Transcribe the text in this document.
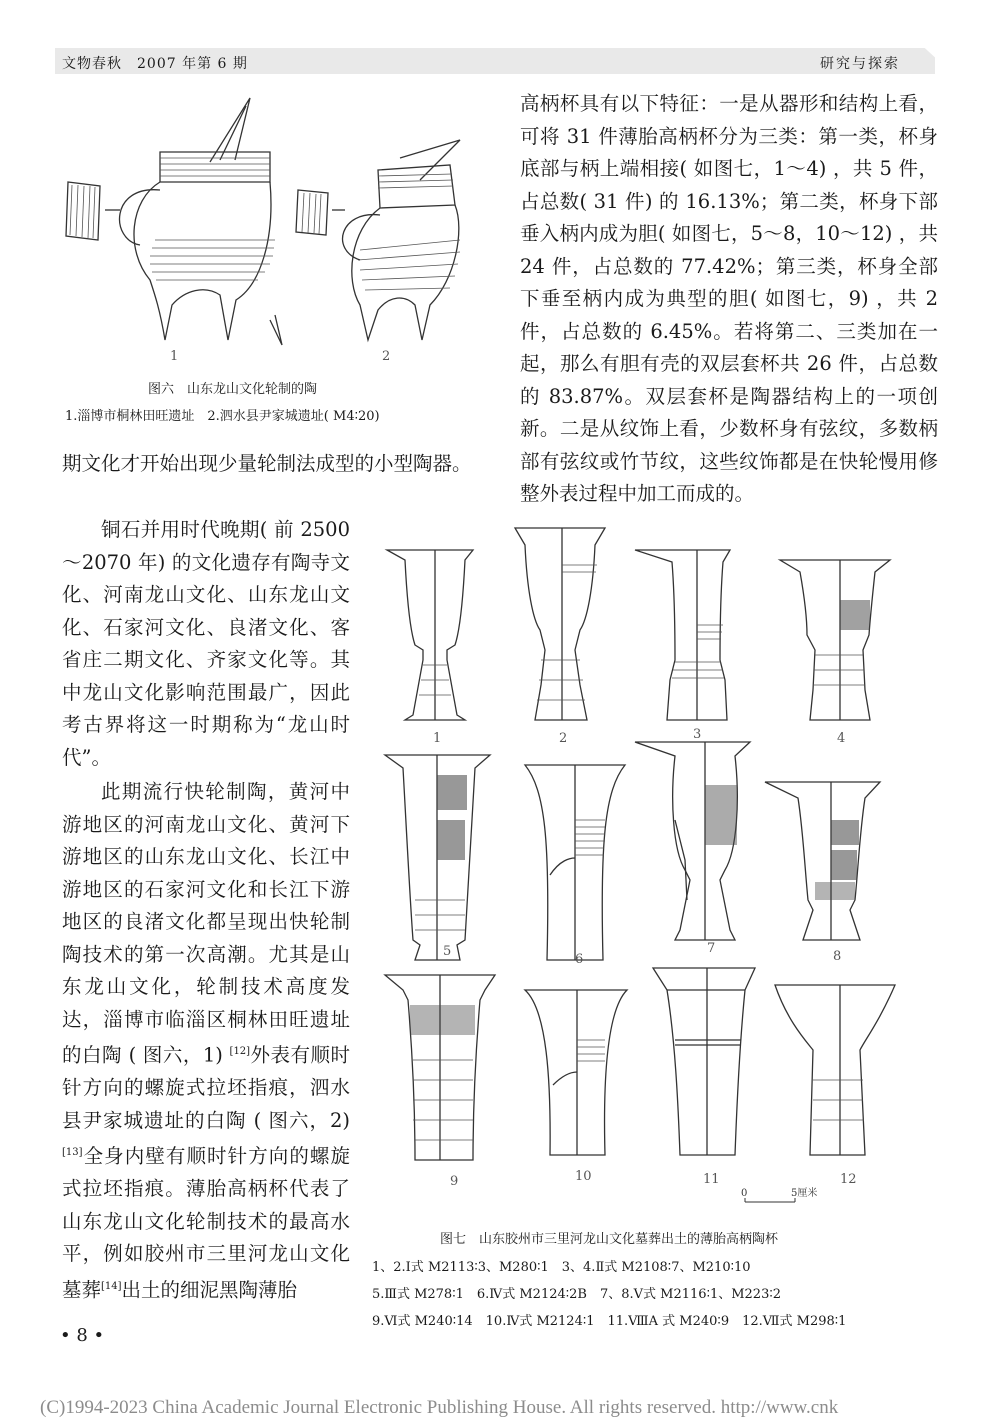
文物春秋　2007 年第 6 期	研究与探索
1	2
图六　山东龙山文化轮制的陶
1.淄博市桐林田旺遗址　2.泗水县尹家城遗址( M4∶20)

高柄杯具有以下特征：一是从器形和结构上看，可将 31 件薄胎高柄杯分为三类：第一类，杯身底部与柄上端相接( 如图七，1～4) ，共 5 件，占总数( 31 件) 的 16.13%；第二类，杯身下部垂入柄内成为胆( 如图七，5～8，10～12) ，共 24 件，占总数的 77.42%；第三类，杯身全部下垂至柄内成为典型的胆( 如图七，9) ，共 2 件，占总数的 6.45%。若将第二、三类加在一起，那么有胆有壳的双层套杯共 26 件，占总数的 83.87%。双层套杯是陶器结构上的一项创新。二是从纹饰上看，少数杯身有弦纹，多数柄部有弦纹或竹节纹，这些纹饰都是在快轮慢用修整外表过程中加工而成的。

期文化才开始出现少量轮制法成型的小型陶器。

铜石并用时代晚期( 前 2500～2070 年) 的文化遗存有陶寺文化、河南龙山文化、山东龙山文化、石家河文化、良渚文化、客省庄二期文化、齐家文化等。其中龙山文化影响范围最广，因此考古界将这一时期称为“龙山时代”。

此期流行快轮制陶，黄河中游地区的河南龙山文化、黄河下游地区的山东龙山文化、长江中游地区的石家河文化和长江下游地区的良渚文化都呈现出快轮制陶技术的第一次高潮。尤其是山东龙山文化，轮制技术高度发达，淄博市临淄区桐林田旺遗址的白陶 ( 图六，1) [12]外表有顺时针方向的螺旋式拉坯指痕，泗水县尹家城遗址的白陶 ( 图六，2) [13]全身内壁有顺时针方向的螺旋式拉坯指痕。薄胎高柄杯代表了山东龙山文化轮制技术的最高水平，例如胶州市三里河龙山文化墓葬[14]出土的细泥黑陶薄胎

1	2	3	4
5
6
7
8
9	10	11	12
0	5厘米
图七　山东胶州市三里河龙山文化墓葬出土的薄胎高柄陶杯
1、2.Ⅰ式 M2113∶3、M280∶1　3、4.Ⅱ式 M2108∶7、M210∶10
5.Ⅲ式 M278∶1　6.Ⅳ式 M2124∶2B　7、8.Ⅴ式 M2116∶1、M223∶2
9.Ⅵ式 M240∶14　10.Ⅳ式 M2124∶1　11.ⅧA 式 M240∶9　12.Ⅶ式 M298∶1
• 8 •
(C)1994-2023 China Academic Journal Electronic Publishing House. All rights reserved. http://www.cnk
